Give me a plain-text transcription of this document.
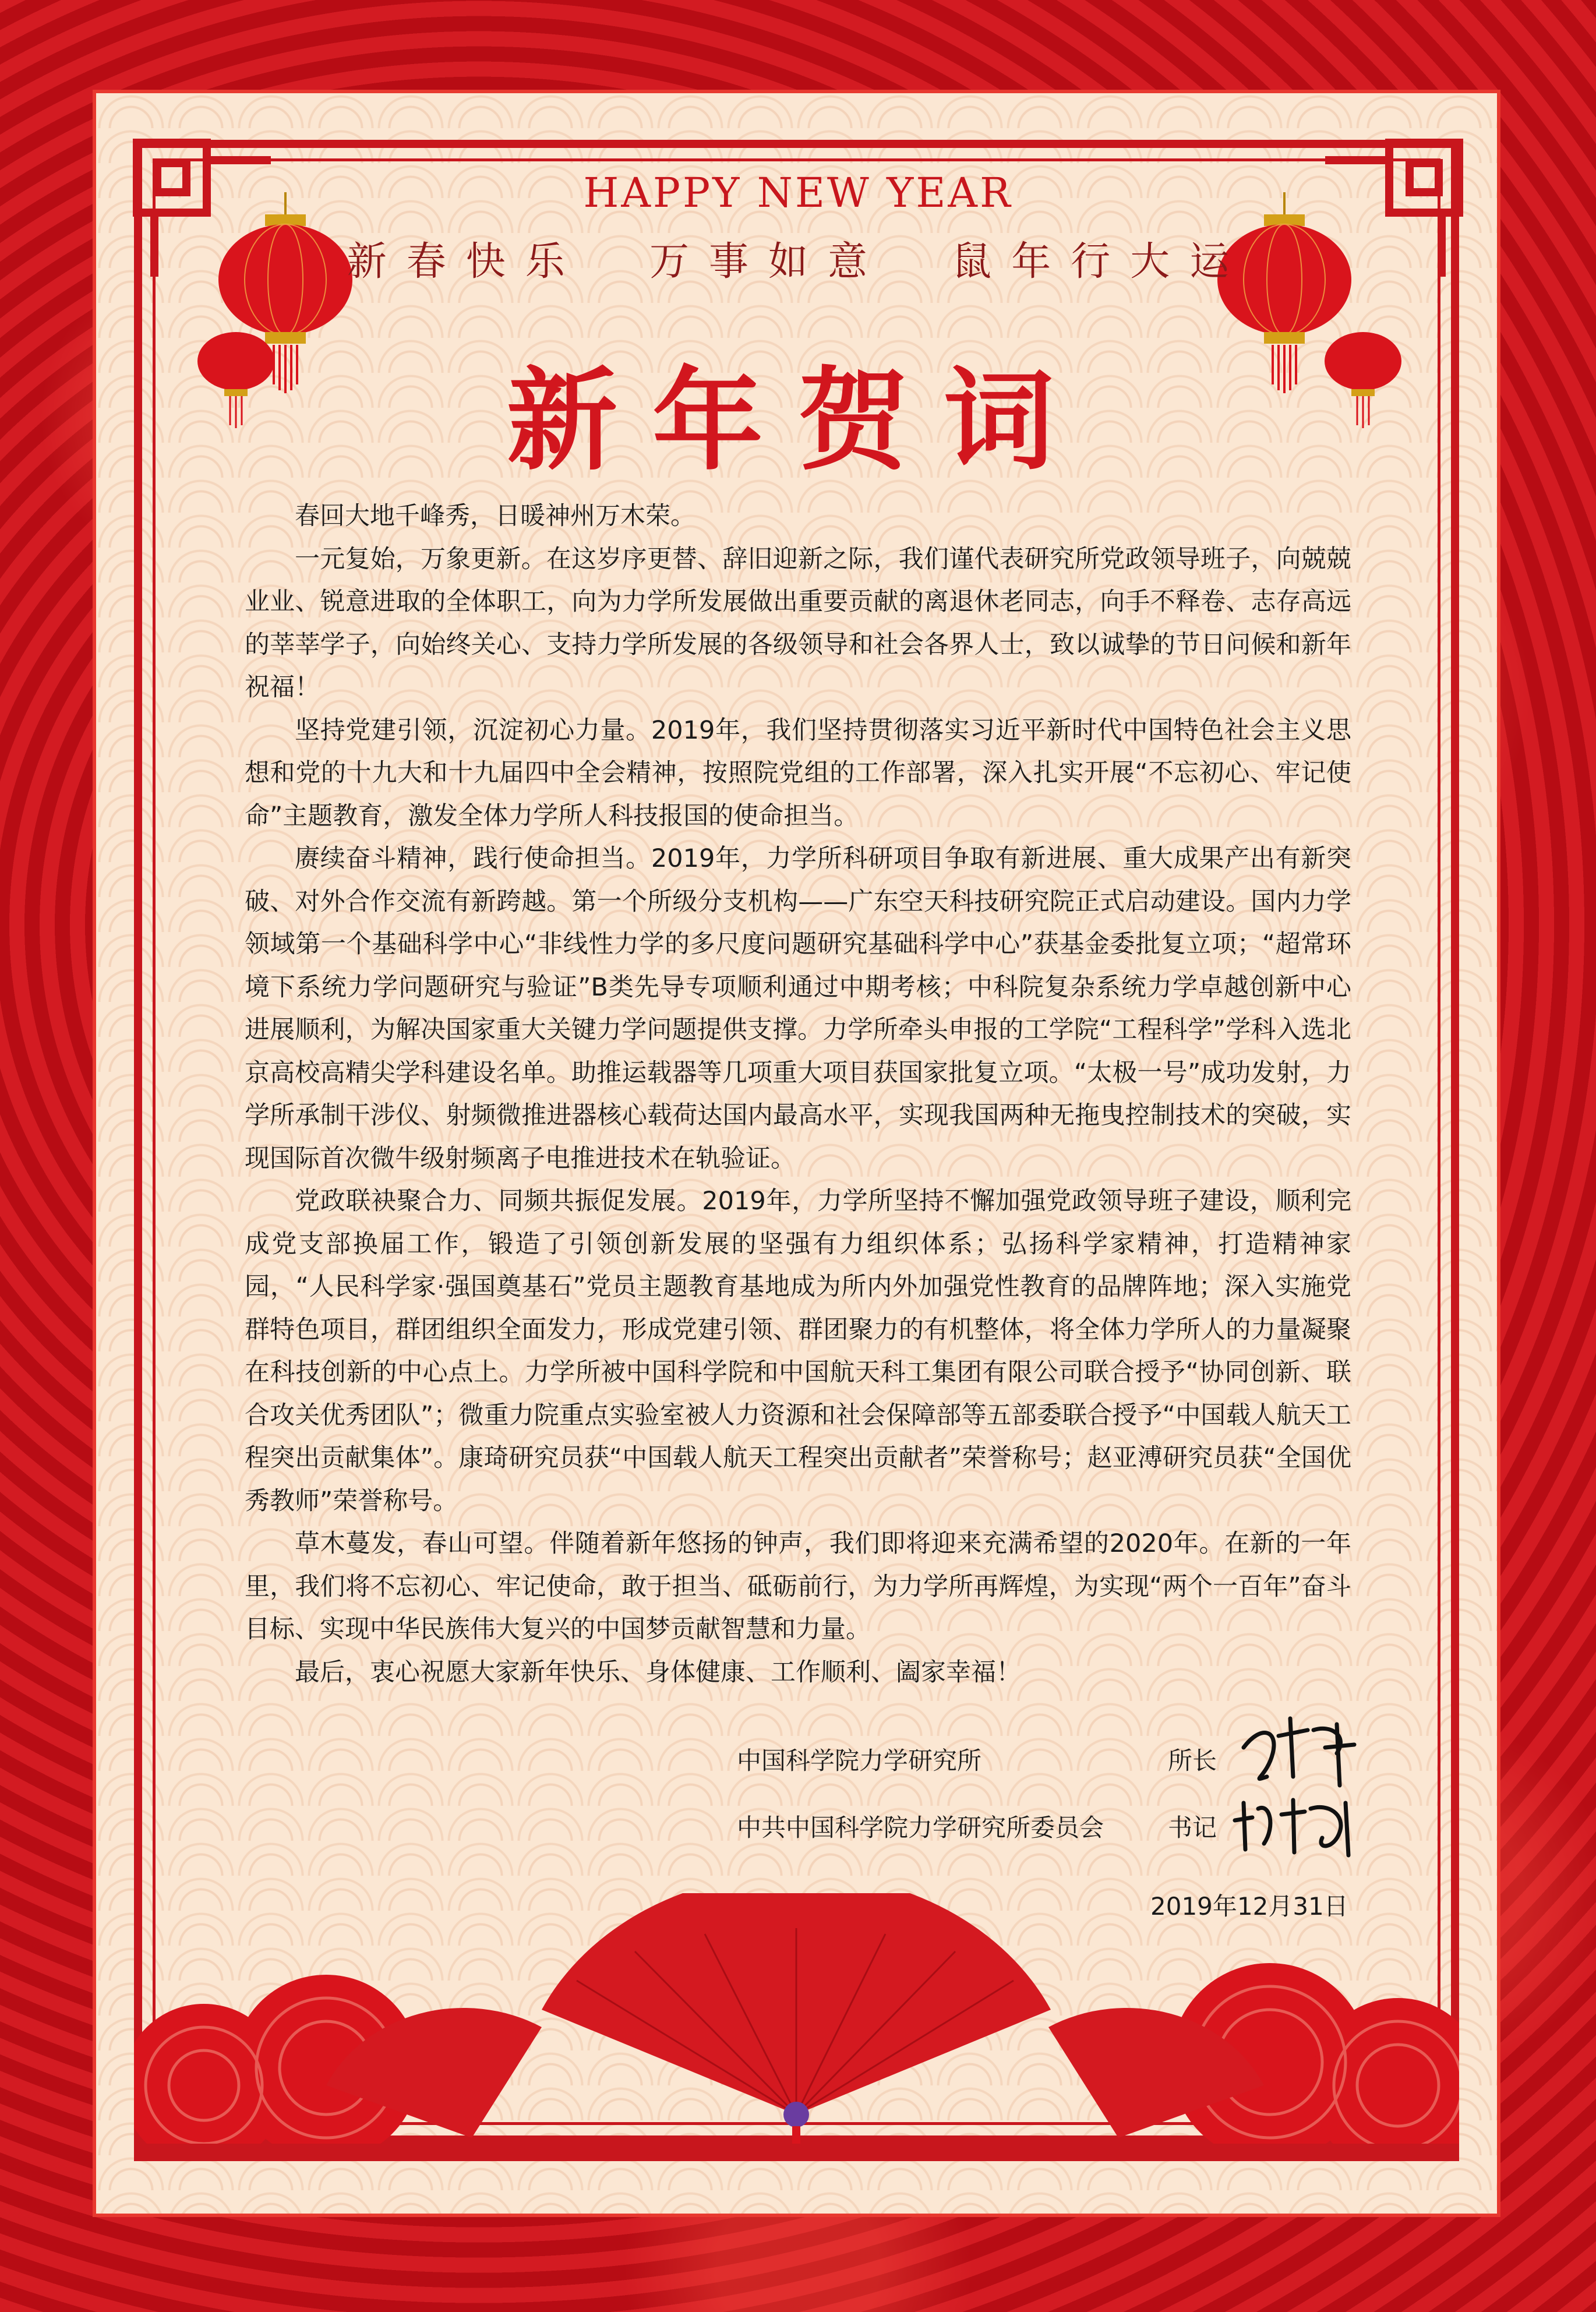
HAPPY NEW YEAR
新春快乐  万事如意  鼠年行大运
新年贺词

春回大地千峰秀，日暖神州万木荣。

一元复始，万象更新。在这岁序更替、辞旧迎新之际，我们谨代表研究所党政领导班子，向兢兢业业、锐意进取的全体职工，向为力学所发展做出重要贡献的离退休老同志，向手不释卷、志存高远的莘莘学子，向始终关心、支持力学所发展的各级领导和社会各界人士，致以诚挚的节日问候和新年祝福！

坚持党建引领，沉淀初心力量。2019年，我们坚持贯彻落实习近平新时代中国特色社会主义思想和党的十九大和十九届四中全会精神，按照院党组的工作部署，深入扎实开展“不忘初心、牢记使命”主题教育，激发全体力学所人科技报国的使命担当。

赓续奋斗精神，践行使命担当。2019年，力学所科研项目争取有新进展、重大成果产出有新突破、对外合作交流有新跨越。第一个所级分支机构——广东空天科技研究院正式启动建设。国内力学领域第一个基础科学中心“非线性力学的多尺度问题研究基础科学中心”获基金委批复立项；“超常环境下系统力学问题研究与验证”B类先导专项顺利通过中期考核；中科院复杂系统力学卓越创新中心进展顺利，为解决国家重大关键力学问题提供支撑。力学所牵头申报的工学院“工程科学”学科入选北京高校高精尖学科建设名单。助推运载器等几项重大项目获国家批复立项。“太极一号”成功发射，力学所承制干涉仪、射频微推进器核心载荷达国内最高水平，实现我国两种无拖曳控制技术的突破，实现国际首次微牛级射频离子电推进技术在轨验证。

党政联袂聚合力、同频共振促发展。2019年，力学所坚持不懈加强党政领导班子建设，顺利完成党支部换届工作，锻造了引领创新发展的坚强有力组织体系；弘扬科学家精神，打造精神家园，“人民科学家·强国奠基石”党员主题教育基地成为所内外加强党性教育的品牌阵地；深入实施党群特色项目，群团组织全面发力，形成党建引领、群团聚力的有机整体，将全体力学所人的力量凝聚在科技创新的中心点上。力学所被中国科学院和中国航天科工集团有限公司联合授予“协同创新、联合攻关优秀团队”；微重力院重点实验室被人力资源和社会保障部等五部委联合授予“中国载人航天工程突出贡献集体”。康琦研究员获“中国载人航天工程突出贡献者”荣誉称号；赵亚溥研究员获“全国优秀教师”荣誉称号。

草木蔓发，春山可望。伴随着新年悠扬的钟声，我们即将迎来充满希望的2020年。在新的一年里，我们将不忘初心、牢记使命，敢于担当、砥砺前行，为力学所再辉煌，为实现“两个一百年”奋斗目标、实现中华民族伟大复兴的中国梦贡献智慧和力量。

最后，衷心祝愿大家新年快乐、身体健康、工作顺利、阖家幸福！

中国科学院力学研究所	所长
中共中国科学院力学研究所委员会	书记
2019年12月31日
